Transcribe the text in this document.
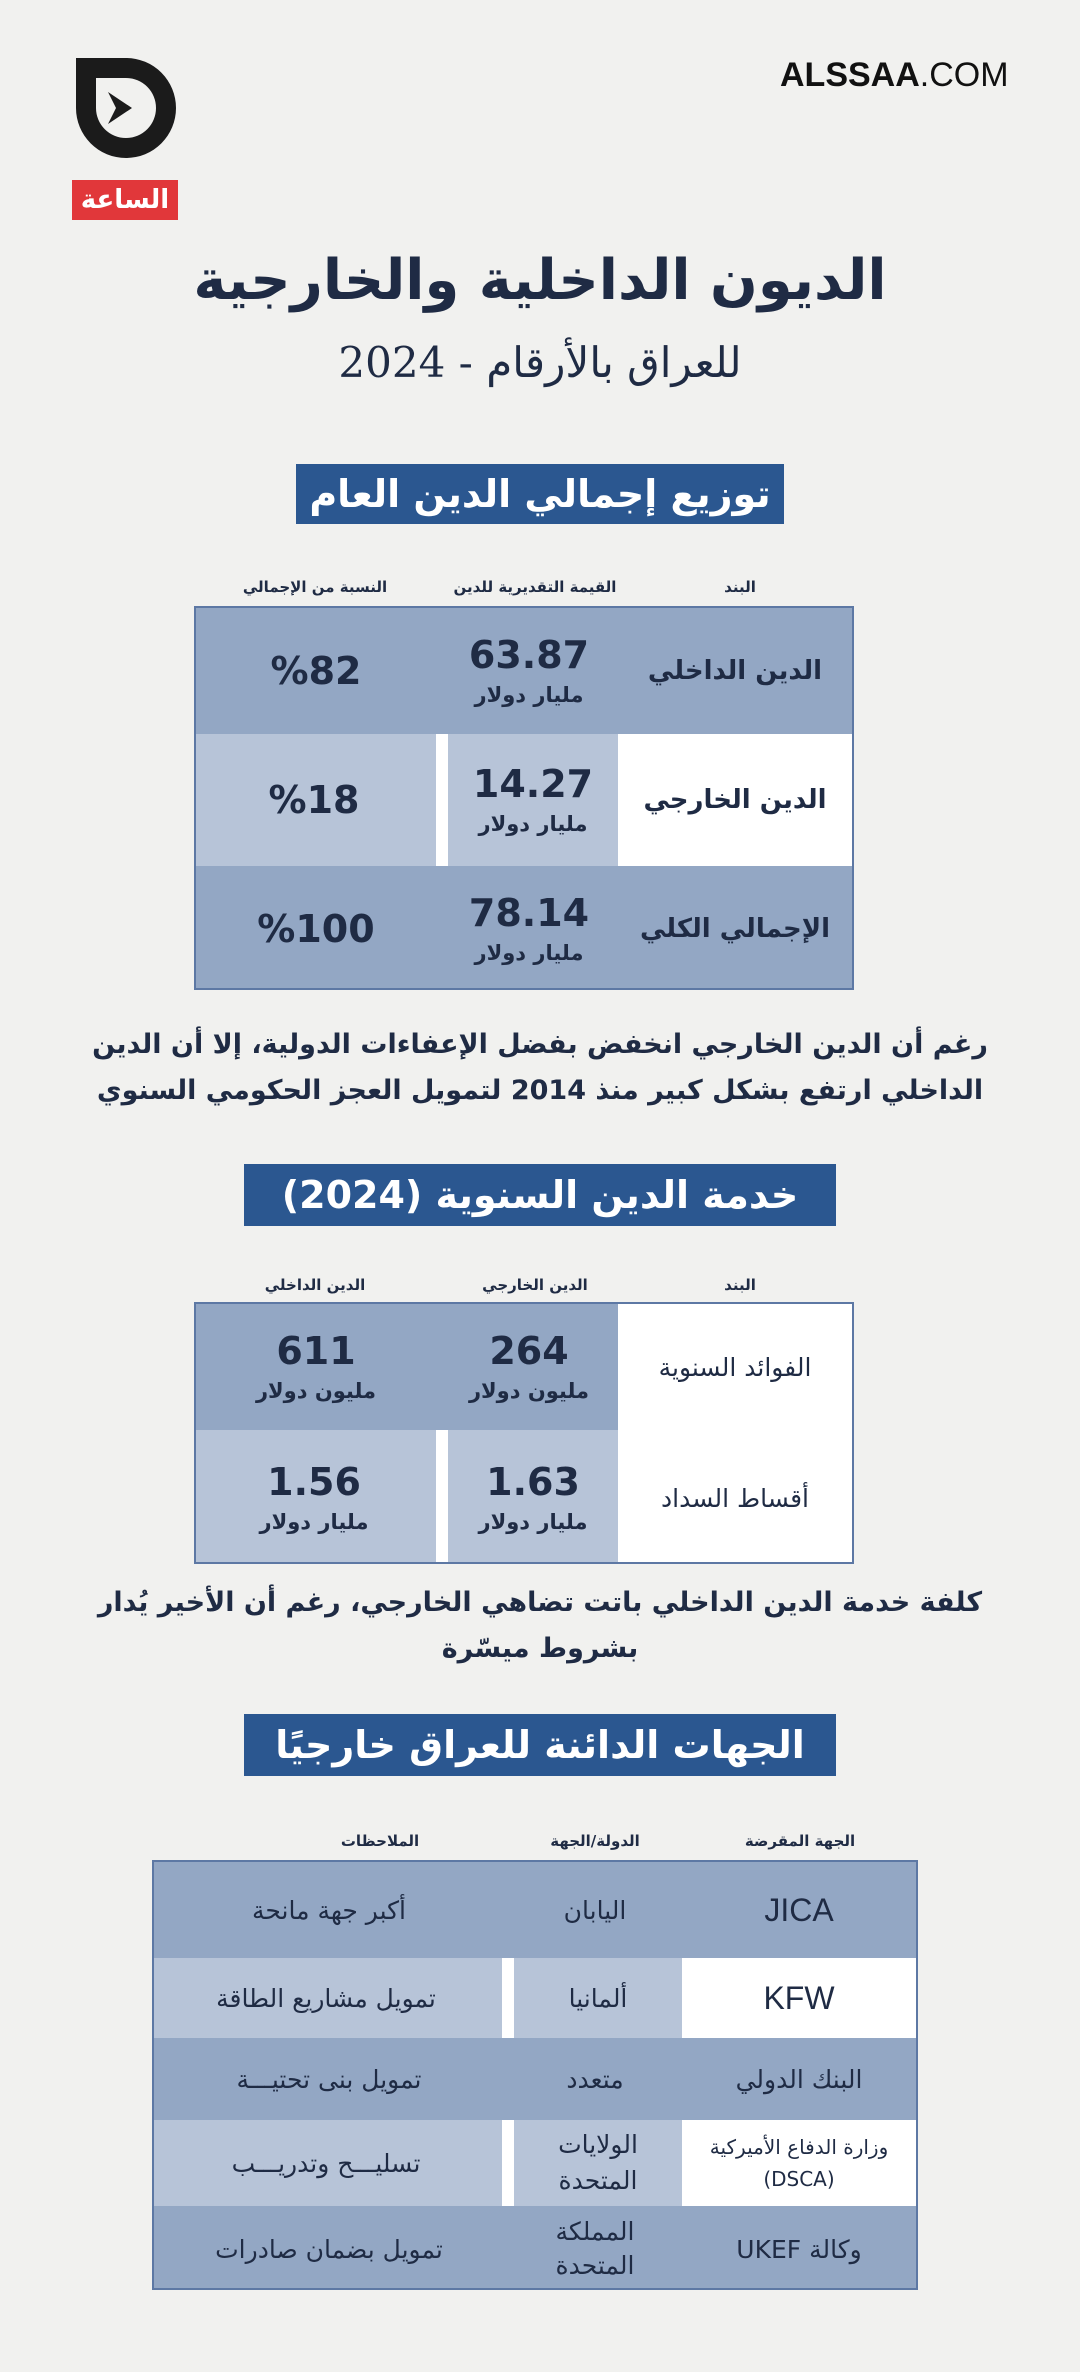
الساعة
ALSSAA.COM
الديون الداخلية والخارجية
للعراق بالأرقام - 2024
توزيع إجمالي الدين العام
البند
القيمة التقديرية للدين
النسبة من الإجمالي
الدين الداخلي
63.87
مليار دولار
%82
الدين الخارجي
14.27
مليار دولار
%18
الإجمالي الكلي
78.14
مليار دولار
%100
رغم أن الدين الخارجي انخفض بفضل الإعفاءات الدولية، إلا أن الدين
الداخلي ارتفع بشكل كبير منذ 2014 لتمويل العجز الحكومي السنوي
خدمة الدين السنوية (2024)
البند
الدين الخارجي
الدين الداخلي
الفوائد السنوية
264
مليون دولار
611
مليون دولار
أقساط السداد
1.63
مليار دولار
1.56
مليار دولار
كلفة خدمة الدين الداخلي باتت تضاهي الخارجي، رغم أن الأخير يُدار
بشروط ميسّرة
الجهات الدائنة للعراق خارجيًا
الجهة المقرضة
الدولة/الجهة
الملاحظات
JICA
اليابان
أكبر جهة مانحة
KFW
ألمانيا
تمويل مشاريع الطاقة
البنك الدولي
متعدد
تمويل بنى تحتيـــة
وزارة الدفاع الأميركية (DSCA)
الولايات المتحدة
تسليـــح وتدريـــب
وكالة UKEF
المملكة المتحدة
تمويل بضمان صادرات
